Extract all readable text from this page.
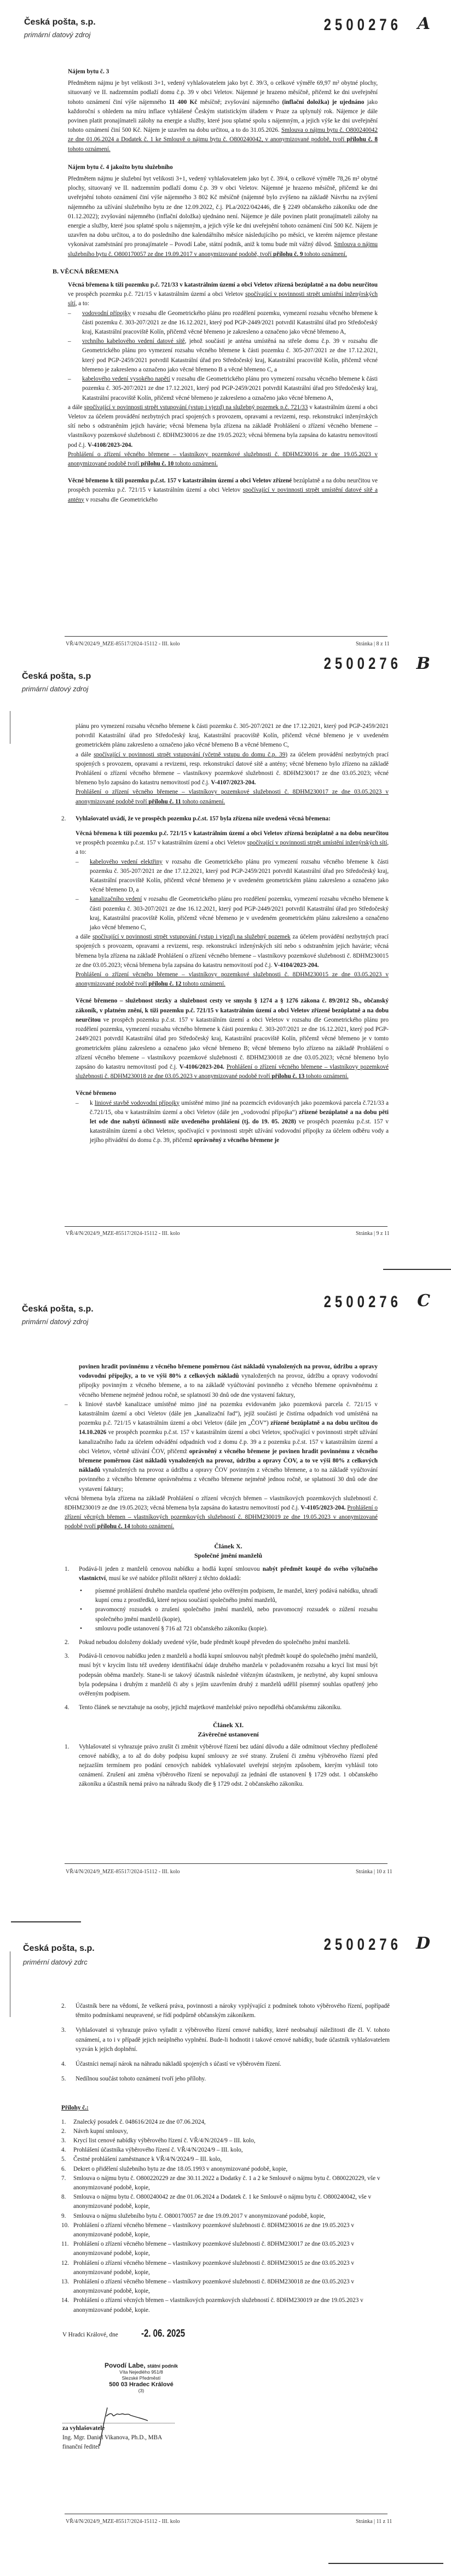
Česká pošta, s.p.
primární datový zdroj
2500276 A

Nájem bytu č. 3

Předmětem nájmu je byt velikosti 3+1, vedený vyhlašovatelem jako byt č. 39/3, o celkové výměře 69,97 m² obytné plochy, situovaný ve II. nadzemním podlaží domu č.p. 39 v obci Veletov. Nájemné je hrazeno měsíčně, přičemž ke dni uveřejnění tohoto oznámení činí výše nájemného 11 400 Kč měsíčně; zvyšování nájemného (inflační doložka) je ujednáno jako každoroční s ohledem na míru inflace vyhlášené Českým statistickým úřadem v Praze za uplynulý rok. Nájemce je dále povinen platit pronajímateli zálohy na energie a služby, které jsou splatné spolu s nájemným, a jejich výše ke dni uveřejnění tohoto oznámení činí 500 Kč. Nájem je uzavřen na dobu určitou, a to do 31.05.2026. Smlouva o nájmu bytu č. O800240042 ze dne 01.06.2024 a Dodatek č. 1 ke Smlouvě o nájmu bytu č. O800240042, v anonymizované podobě, tvoří přílohu č. 8 tohoto oznámení.

Nájem bytu č. 4 jakožto bytu služebního

Předmětem nájmu je služební byt velikosti 3+1, vedený vyhlašovatelem jako byt č. 39/4, o celkové výměře 78,26 m² obytné plochy, situovaný ve II. nadzemním podlaží domu č.p. 39 v obci Veletov. Nájemné je hrazeno měsíčně, přičemž ke dni uveřejnění tohoto oznámení činí výše nájemného 3 802 Kč měsíčně (nájemné bylo zvýšeno na základě Návrhu na zvýšení nájemného za užívání služebního bytu ze dne 12.09.2022, č.j. PLa/2022/042446, dle § 2249 občanského zákoníku ode dne 01.12.2022); zvyšování nájemného (inflační doložka) ujednáno není. Nájemce je dále povinen platit pronajímateli zálohy na energie a služby, které jsou splatné spolu s nájemným, a jejich výše ke dni uveřejnění tohoto oznámení činí 500 Kč. Nájem je uzavřen na dobu určitou, a to do posledního dne kalendářního měsíce následujícího po měsíci, ve kterém nájemce přestane vykonávat zaměstnání pro pronajímatele – Povodí Labe, státní podnik, aniž k tomu bude mít vážný důvod. Smlouva o nájmu služebního bytu č. O800170057 ze dne 19.09.2017 v anonymizované podobě, tvoří přílohu č. 9 tohoto oznámení.

B. VĚCNÁ BŘEMENA

Věcná břemena k tíži pozemku p.č. 721/33 v katastrálním území a obci Veletov zřízená bezúplatně a na dobu neurčitou ve prospěch pozemku p.č. 721/15 v katastrálním území a obci Veletov spočívající v povinnosti strpět umístění inženýrských sítí, a to:

– vodovodní přípojky v rozsahu dle Geometrického plánu pro rozdělení pozemku, vymezení rozsahu věcného břemene k části pozemku č. 303-207/2021 ze dne 16.12.2021, který pod PGP-2449/2021 potvrdil Katastrální úřad pro Středočeský kraj, Katastrální pracoviště Kolín, přičemž věcné břemeno je zakresleno a označeno jako věcné břemeno A,
– vrchního kabelového vedení datové sítě, jehož součástí je anténa umístěná na střeše domu č.p. 39 v rozsahu dle Geometrického plánu pro vymezení rozsahu věcného břemene k části pozemku č. 305-207/2021 ze dne 17.12.2021, který pod PGP-2459/2021 potvrdil Katastrální úřad pro Středočeský kraj, Katastrální pracoviště Kolín, přičemž věcné břemeno je zakresleno a označeno jako věcné břemeno B a věcné břemeno C, a
– kabelového vedení vysokého napětí v rozsahu dle Geometrického plánu pro vymezení rozsahu věcného břemene k části pozemku č. 305-207/2021 ze dne 17.12.2021, který pod PGP-2459/2021 potvrdil Katastrální úřad pro Středočeský kraj, Katastrální pracoviště Kolín, přičemž věcné břemeno je zakresleno a označeno jako věcné břemeno A,

a dále spočívající v povinnosti strpět vstupování (vstup i vjezd) na služebný pozemek p.č. 721/33 v katastrálním území a obci Veletov za účelem provádění nezbytných prací spojených s provozem, opravami a revizemi, resp. rekonstrukcí inženýrských sítí nebo s odstraněním jejich havárie; věcná břemena byla zřízena na základě Prohlášení o zřízení věcného břemene – vlastníkovy pozemkové služebnosti č. 8DHM230016 ze dne 19.05.2023; věcná břemena byla zapsána do katastru nemovitostí pod č.j. V-4108/2023-204.

Prohlášení o zřízení věcného břemene – vlastníkovy pozemkové služebnosti č. 8DHM230016 ze dne 19.05.2023 v anonymizované podobě tvoří přílohu č. 10 tohoto oznámení.

Věcné břemeno k tíži pozemku p.č.st. 157 v katastrálním území a obci Veletov zřízené bezúplatně a na dobu neurčitou ve prospěch pozemku p.č. 721/15 v katastrálním území a obci Veletov spočívající v povinnosti strpět umístění datové sítě a antény v rozsahu dle Geometrického

VŘ/4/N/2024/9_MZE-85517/2024-15112 - III. kolo	Stránka | 8 z 11
Česká pošta, s.p
primární datový zdroj
2500276 B

plánu pro vymezení rozsahu věcného břemene k části pozemku č. 305-207/2021 ze dne 17.12.2021, který pod PGP-2459/2021 potvrdil Katastrální úřad pro Středočeský kraj, Katastrální pracoviště Kolín, přičemž věcné břemeno je v uvedeném geometrickém plánu zakresleno a označeno jako věcné břemeno B a věcné břemeno C,

a dále spočívající v povinnosti strpět vstupování (včetně vstupu do domu č.p. 39) za účelem provádění nezbytných prací spojených s provozem, opravami a revizemi, resp. rekonstrukcí datové sítě a antény; věcné břemeno bylo zřízeno na základě Prohlášení o zřízení věcného břemene – vlastníkovy pozemkové služebnosti č. 8DHM230017 ze dne 03.05.2023; věcné břemeno bylo zapsáno do katastru nemovitostí pod č.j. V-4107/2023-204.

Prohlášení o zřízení věcného břemene – vlastníkovy pozemkové služebnosti č. 8DHM230017 ze dne 03.05.2023 v anonymizované podobě tvoří přílohu č. 11 tohoto oznámení.

2. Vyhlašovatel uvádí, že ve prospěch pozemku p.č.st. 157 byla zřízena níže uvedená věcná břemena:

Věcná břemena k tíži pozemku p.č. 721/15 v katastrálním území a obci Veletov zřízená bezúplatně a na dobu neurčitou ve prospěch pozemku p.č.st. 157 v katastrálním území a obci Veletov spočívající v povinnosti strpět umístění inženýrských sítí, a to:

– kabelového vedení elektřiny v rozsahu dle Geometrického plánu pro vymezení rozsahu věcného břemene k části pozemku č. 305-207/2021 ze dne 17.12.2021, který pod PGP-2459/2021 potvrdil Katastrální úřad pro Středočeský kraj, Katastrální pracoviště Kolín, přičemž věcné břemeno je v uvedeném geometrickém plánu zakresleno a označeno jako věcné břemeno D, a
– kanalizačního vedení v rozsahu dle Geometrického plánu pro rozdělení pozemku, vymezení rozsahu věcného břemene k části pozemku č. 303-207/2021 ze dne 16.12.2021, který pod PGP-2449/2021 potvrdil Katastrální úřad pro Středočeský kraj, Katastrální pracoviště Kolín, přičemž věcné břemeno je v uvedeném geometrickém plánu zakresleno a označeno jako věcné břemeno C,

a dále spočívající v povinnosti strpět vstupování (vstup i vjezd) na služebný pozemek za účelem provádění nezbytných prací spojených s provozem, opravami a revizemi, resp. rekonstrukcí inženýrských sítí nebo s odstraněním jejich havárie; věcná břemena byla zřízena na základě Prohlášení o zřízení věcného břemene – vlastníkovy pozemkové služebnosti č. 8DHM230015 ze dne 03.05.2023; věcná břemena byla zapsána do katastru nemovitostí pod č.j. V-4104/2023-204.

Prohlášení o zřízení věcného břemene – vlastníkovy pozemkové služebnosti č. 8DHM230015 ze dne 03.05.2023 v anonymizované podobě tvoří přílohu č. 12 tohoto oznámení.

Věcné břemeno – služebnost stezky a služebnost cesty ve smyslu § 1274 a § 1276 zákona č. 89/2012 Sb., občanský zákoník, v platném znění, k tíži pozemku p.č. 721/15 v katastrálním území a obci Veletov zřízené bezúplatně a na dobu neurčitou ve prospěch pozemku p.č.st. 157 v katastrálním území a obci Veletov v rozsahu dle Geometrického plánu pro rozdělení pozemku, vymezení rozsahu věcného břemene k části pozemku č. 303-207/2021 ze dne 16.12.2021, který pod PGP-2449/2021 potvrdil Katastrální úřad pro Středočeský kraj, Katastrální pracoviště Kolín, přičemž věcné břemeno je v tomto geometrickém plánu zakresleno a označeno jako věcné břemeno B; věcné břemeno bylo zřízeno na základě Prohlášení o zřízení věcného břemene – vlastníkovy pozemkové služebnosti č. 8DHM230018 ze dne 03.05.2023; věcné břemeno bylo zapsáno do katastru nemovitostí pod č.j. V-4106/2023-204. Prohlášení o zřízení věcného břemene – vlastníkovy pozemkové služebnosti č. 8DHM230018 ze dne 03.05.2023 v anonymizované podobě tvoří přílohu č. 13 tohoto oznámení.

Věcné břemeno

– k liniové stavbě vodovodní přípojky umístěné mimo jiné na pozemcích evidovaných jako pozemková parcela č.721/33 a č.721/15, oba v katastrálním území a obci Veletov (dále jen „vodovodní přípojka“) zřízené bezúplatně a na dobu pěti let ode dne nabytí účinnosti níže uvedeného prohlášení (tj. do 19. 05. 2028) ve prospěch pozemku p.č.st. 157 v katastrálním území a obci Veletov, spočívající v povinnosti strpět užívání vodovodní přípojky za účelem odběru vody a jejího přivádění do domu č.p. 39, přičemž oprávněný z věcného břemene je
VŘ/4/N/2024/9_MZE-85517/2024-15112 - III. kolo	Stránka | 9 z 11
Česká pošta, s.p.
primární datový zdroj
2500276 C
povinen hradit povinnému z věcného břemene poměrnou část nákladů vynaložených na provoz, údržbu a opravy vodovodní přípojky, a to ve výši 80% z celkových nákladů vynaložených na provoz, údržbu a opravy vodovodní přípojky povinným z věcného břemene, a to na základě vyúčtování povinného z věcného břemene oprávněnému z věcného břemene nejméně jednou ročně, se splatností 30 dnů ode dne vystavení faktury,
– k liniové stavbě kanalizace umístěné mimo jiné na pozemku evidovaném jako pozemková parcela č. 721/15 v katastrálním území a obci Veletov (dále jen „kanalizační řad“), jejíž součástí je čistírna odpadních vod umístěná na pozemku p.č. 721/15 v katastrálním území a obci Veletov (dále jen „ČOV“) zřízené bezúplatně a na dobu určitou do 14.10.2026 ve prospěch pozemku p.č.st. 157 v katastrálním území a obci Veletov, spočívající v povinnosti strpět užívání kanalizačního řadu za účelem odvádění odpadních vod z domu č.p. 39 a z pozemku p.č.st. 157 v katastrálním území a obci Veletov, včetně užívání ČOV, přičemž oprávněný z věcného břemene je povinen hradit povinnému z věcného břemene poměrnou část nákladů vynaložených na provoz, údržbu a opravy ČOV, a to ve výši 80% z celkových nákladů vynaložených na provoz a údržbu a opravy ČOV povinným z věcného břemene, a to na základě vyúčtování povinného z věcného břemene oprávněnému z věcného břemene nejméně jednou ročně, se splatností 30 dnů ode dne vystavení faktury;

věcná břemena byla zřízena na základě Prohlášení o zřízení věcných břemen – vlastníkových pozemkových služebností č. 8DHM230019 ze dne 19.05.2023; věcná břemena byla zapsána do katastru nemovitostí pod č.j. V-4105/2023-204. Prohlášení o zřízení věcných břemen – vlastníkových pozemkových služebností č. 8DHM230019 ze dne 19.05.2023 v anonymizované podobě tvoří přílohu č. 14 tohoto oznámení.

Článek X.
Společné jmění manželů
1. Podává-li jeden z manželů cenovou nabídku a hodlá kupní smlouvou nabýt předmět koupě do svého výlučného vlastnictví, musí ke své nabídce přiložit některý z těchto dokladů:
• písemné prohlášení druhého manžela opatřené jeho ověřeným podpisem, že manžel, který podává nabídku, uhradí kupní cenu z prostředků, které nejsou součástí společného jmění manželů,
• pravomocný rozsudek o zrušení společného jmění manželů, nebo pravomocný rozsudek o zúžení rozsahu společného jmění manželů (kopie),
• smlouvu podle ustanovení § 716 až 721 občanského zákoníku (kopie).
2. Pokud nebudou doloženy doklady uvedené výše, bude předmět koupě převeden do společného jmění manželů.
3. Podává-li cenovou nabídku jeden z manželů a hodlá kupní smlouvou nabýt předmět koupě do společného jmění manželů, musí být v krycím listu též uvedeny identifikační údaje druhého manžela v požadovaném rozsahu a krycí list musí být podepsán oběma manžely. Stane-li se takový účastník následně vítězným účastníkem, je nezbytné, aby kupní smlouva byla podepsána i druhým z manželů či aby s jejím uzavřením druhý z manželů udělil písemný souhlas opatřený jeho ověřeným podpisem.
4. Tento článek se nevztahuje na osoby, jejichž majetkové manželské právo nepodléhá občanskému zákoníku.
Článek XI.
Závěrečné ustanovení
1. Vyhlašovatel si vyhrazuje právo zrušit či změnit výběrové řízení bez udání důvodu a dále odmítnout všechny předložené cenové nabídky, a to až do doby podpisu kupní smlouvy ze své strany. Zrušení či změnu výběrového řízení před nejzazším termínem pro podání cenových nabídek vyhlašovatel uveřejní stejným způsobem, kterým vyhlásil toto oznámení. Zrušení ani změna výběrového řízení se nepovažují za jednání dle ustanovení § 1729 odst. 1 občanského zákoníku a účastník nemá právo na náhradu škody dle § 1729 odst. 2 občanského zákoníku.
VŘ/4/N/2024/9_MZE-85517/2024-15112 - III. kolo	Stránka | 10 z 11
Česká pošta, s.p.
primérní datový zdrc
2500276 D
2. Účastník bere na vědomí, že veškerá práva, povinnosti a nároky vyplývající z podmínek tohoto výběrového řízení, popřípadě těmito podmínkami neupravené, se řídí podpůrně občanským zákoníkem.
3. Vyhlašovatel si vyhrazuje právo vyřadit z výběrového řízení cenové nabídky, které neobsahují náležitosti dle čl. V. tohoto oznámení, a to i v případě jejich neúplného vyplnění. Bude-li hodnotit i takové cenové nabídky, bude účastník vyhlašovatelem vyzván k jejich doplnění.
4. Účastníci nemají nárok na náhradu nákladů spojených s účastí ve výběrovém řízení.
5. Nedílnou součást tohoto oznámení tvoří jeho přílohy.
Přílohy č.:
1. Znalecký posudek č. 048616/2024 ze dne 07.06.2024,
2. Návrh kupní smlouvy,
3. Krycí list cenové nabídky výběrového řízení č. VŘ/4/N/2024/9 – III. kolo,
4. Prohlášení účastníka výběrového řízení č. VŘ/4/N/2024/9 – III. kolo,
5. Čestné prohlášení zaměstnance k VŘ/4/N/2024/9 – III. kolo,
6. Dekret o přidělení služebního bytu ze dne 18.05.1993 v anonymizované podobě, kopie,
7. Smlouva o nájmu bytu č. O800220229 ze dne 30.11.2022 a Dodatky č. 1 a 2 ke Smlouvě o nájmu bytu č. O800220229, vše v anonymizované podobě, kopie,
8. Smlouva o nájmu bytu č. O800240042 ze dne 01.06.2024 a Dodatek č. 1 ke Smlouvě o nájmu bytu č. O800240042, vše v anonymizované podobě, kopie,
9. Smlouva o nájmu služebního bytu č. O800170057 ze dne 19.09.2017 v anonymizované podobě, kopie,
10. Prohlášení o zřízení věcného břemene – vlastníkovy pozemkové služebnosti č. 8DHM230016 ze dne 19.05.2023 v anonymizované podobě, kopie,
11. Prohlášení o zřízení věcného břemene – vlastníkovy pozemkové služebnosti č. 8DHM230017 ze dne 03.05.2023 v anonymizované podobě, kopie,
12. Prohlášení o zřízení věcného břemene – vlastníkovy pozemkové služebnosti č. 8DHM230015 ze dne 03.05.2023 v anonymizované podobě, kopie,
13. Prohlášení o zřízení věcného břemene – vlastníkovy pozemkové služebnosti č. 8DHM230018 ze dne 03.05.2023 v anonymizované podobě, kopie,
14. Prohlášení o zřízení věcných břemen – vlastníkových pozemkových služebností č. 8DHM230019 ze dne 19.05.2023 v anonymizované podobě, kopie.
V Hradci Králové, dne	-2. 06. 2025
Povodí Labe, státní podnik
Víta Nejedlého 951/8
Slezské Předměstí
500 03 Hradec Králové
(3)
za vyhlašovatele
Ing. Mgr. Daniel Vikanova, Ph.D., MBA
finanční ředitel
VŘ/4/N/2024/9_MZE-85517/2024-15112 - III. kolo	Stránka | 11 z 11
